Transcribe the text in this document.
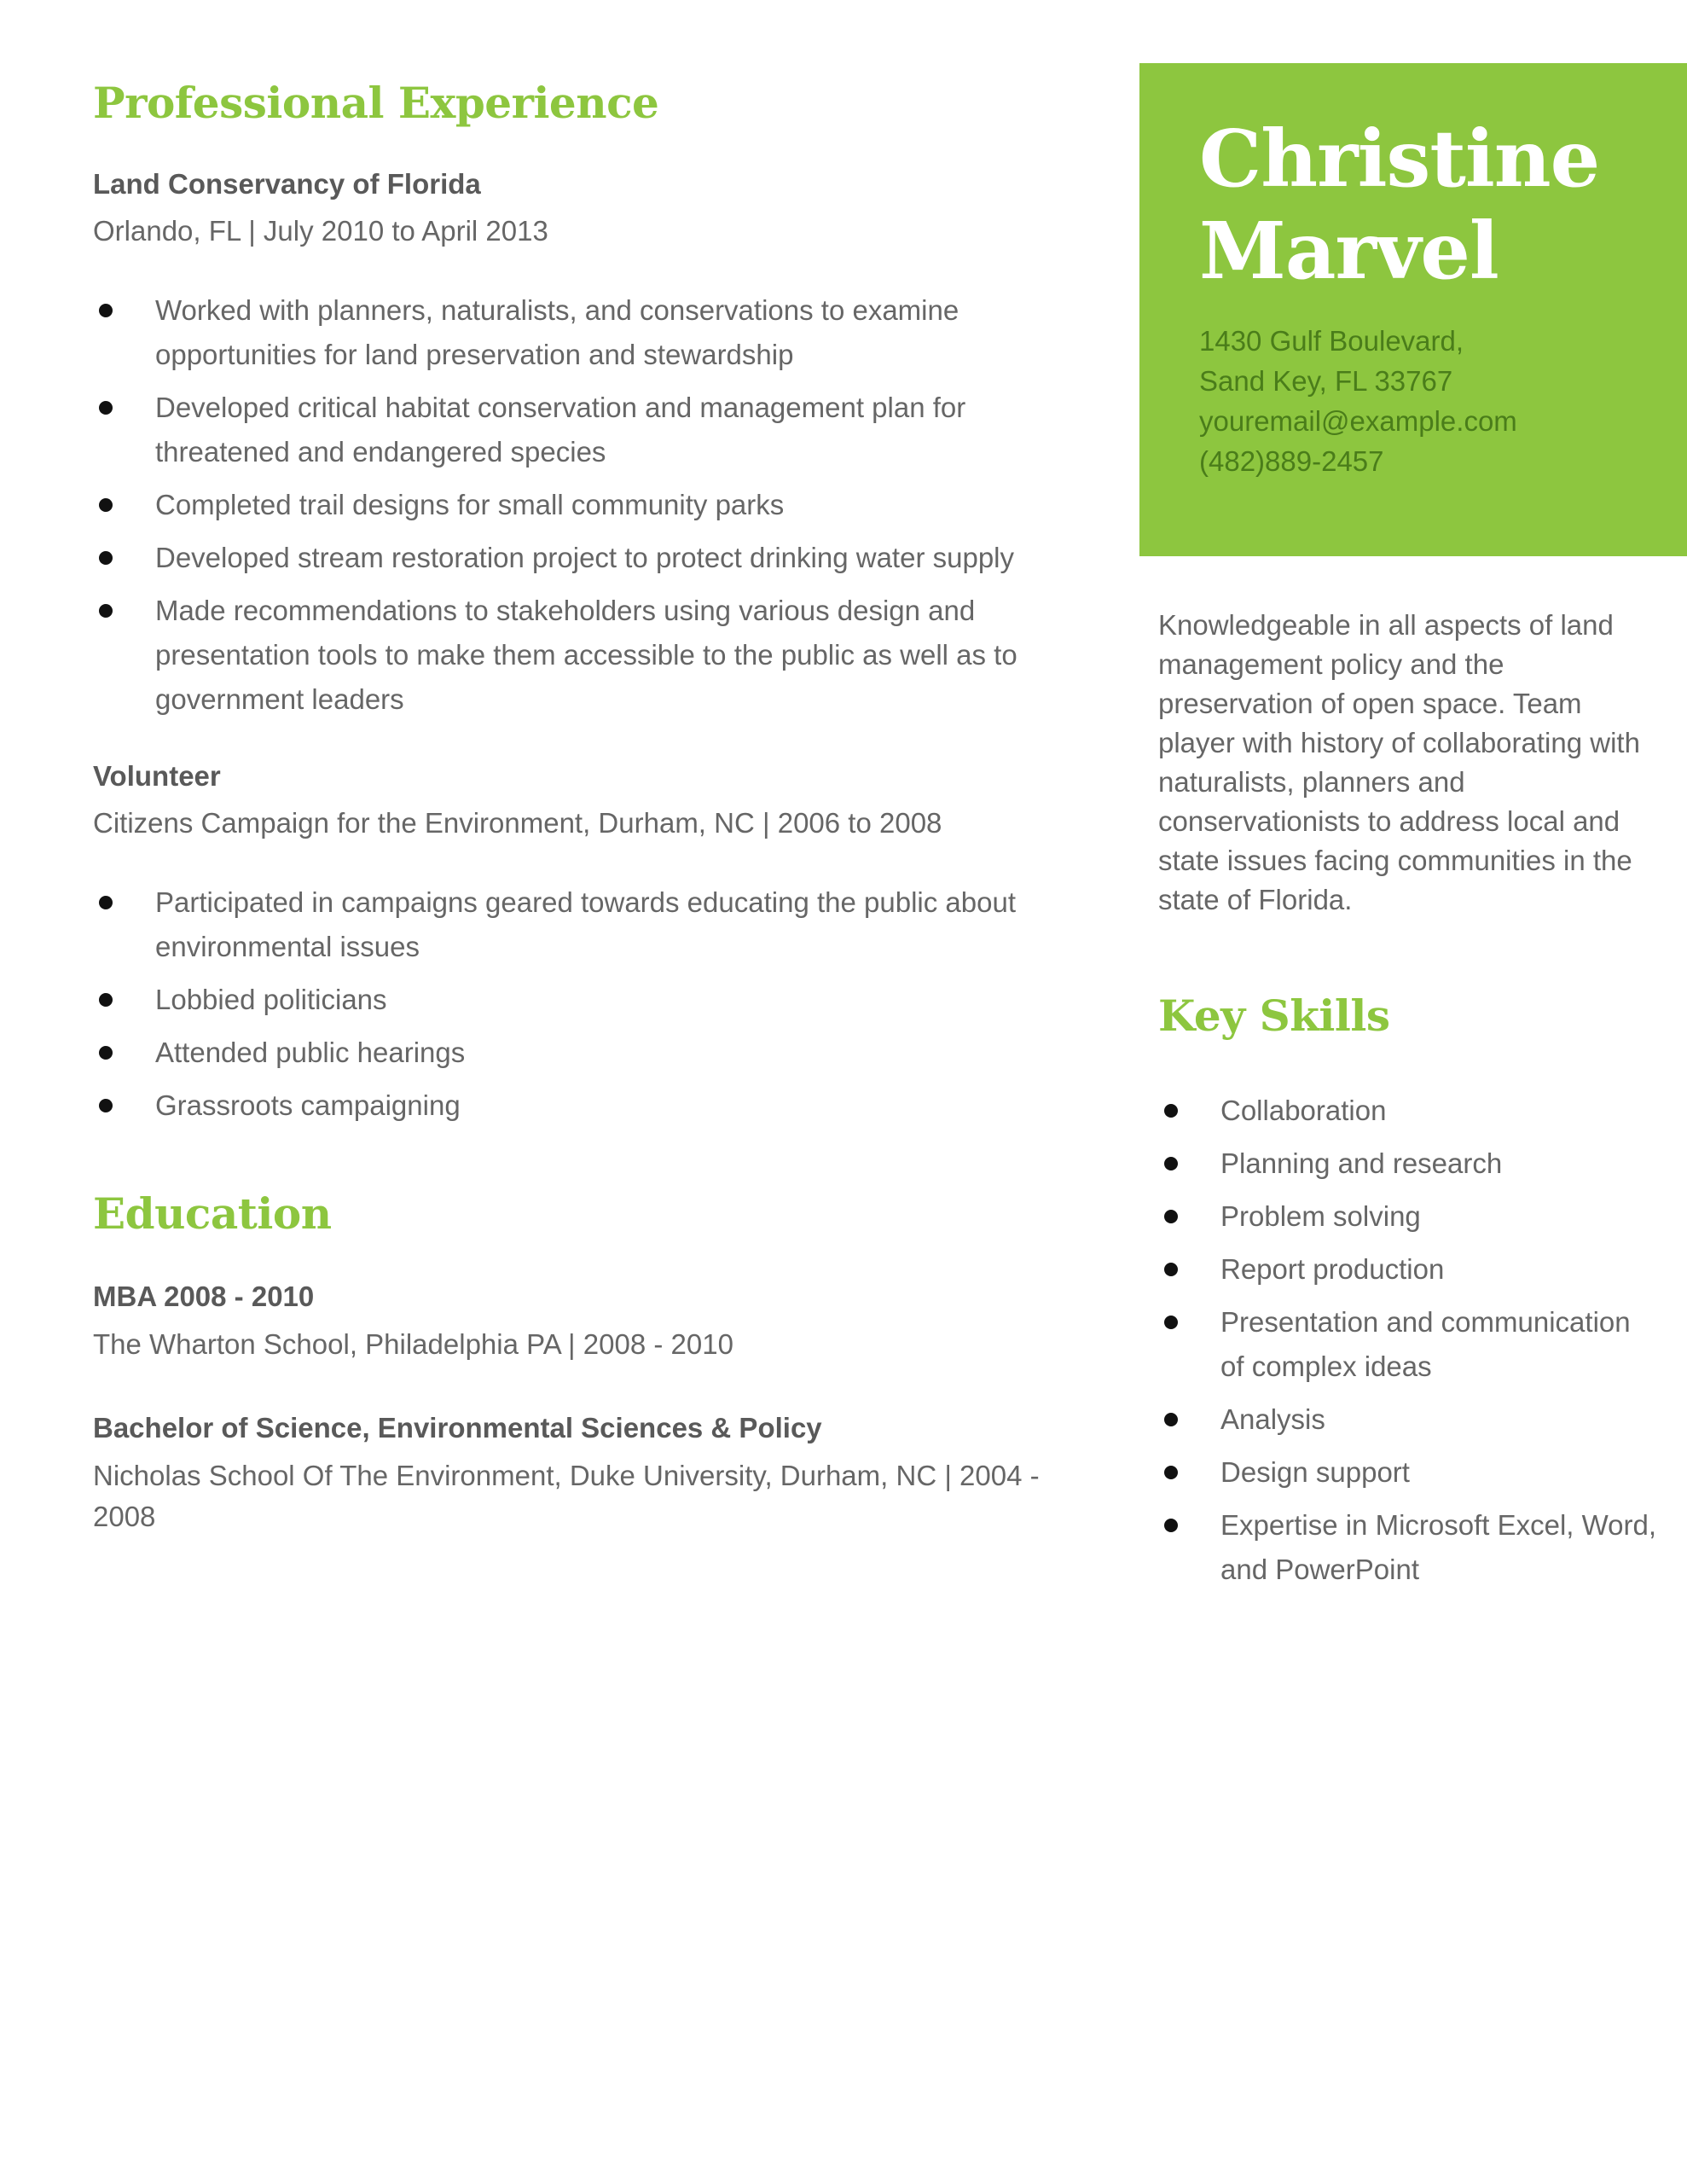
Professional Experience
Land Conservancy of Florida
Orlando, FL | July 2010 to April 2013
Worked with planners, naturalists, and conservations to examine opportunities for land preservation and stewardship
Developed critical habitat conservation and management plan for threatened and endangered species
Completed trail designs for small community parks
Developed stream restoration project to protect drinking water supply
Made recommendations to stakeholders using various design and presentation tools to make them accessible to the public as well as to government leaders
Volunteer
Citizens Campaign for the Environment, Durham, NC | 2006 to 2008
Participated in campaigns geared towards educating the public about environmental issues
Lobbied politicians
Attended public hearings
Grassroots campaigning
Education
MBA 2008 - 2010
The Wharton School, Philadelphia PA | 2008 - 2010
Bachelor of Science, Environmental Sciences & Policy
Nicholas School Of The Environment, Duke University, Durham, NC | 2004 - 2008
Christine
Marvel
1430 Gulf Boulevard,
Sand Key, FL 33767
youremail@example.com
(482)889-2457
Knowledgeable in all aspects of land management policy and the preservation of open space. Team player with history of collaborating with naturalists, planners and conservationists to address local and state issues facing communities in the state of Florida.
Key Skills
Collaboration
Planning and research
Problem solving
Report production
Presentation and communication of complex ideas
Analysis
Design support
Expertise in Microsoft Excel, Word, and PowerPoint
